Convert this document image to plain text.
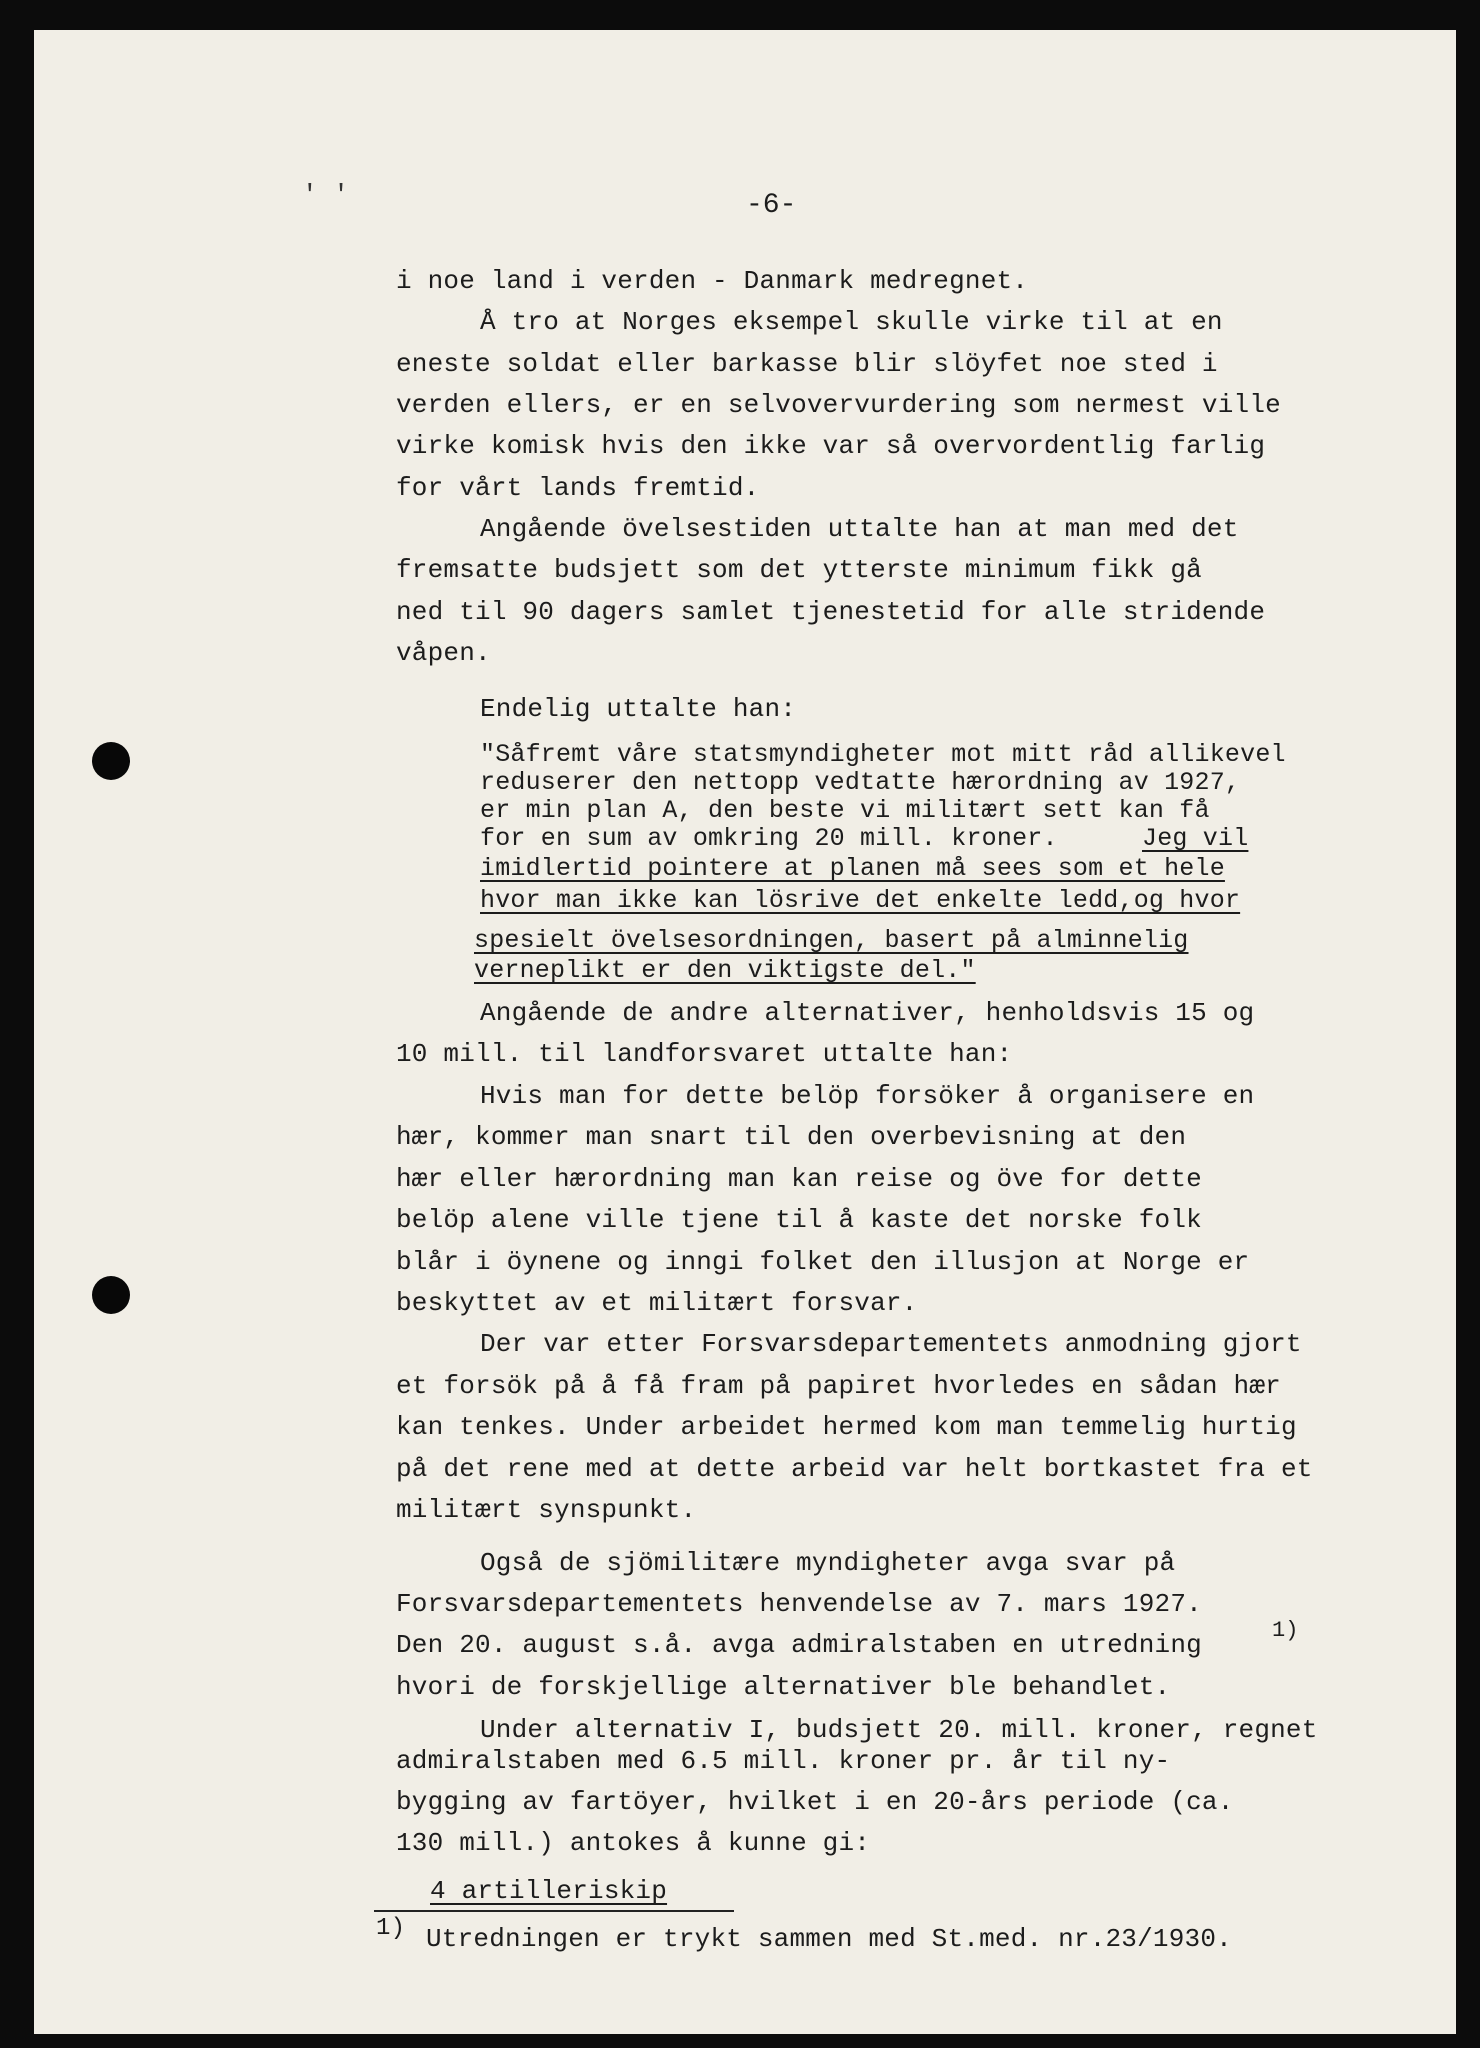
' '	-6-
i noe land i verden - Danmark medregnet.
Å tro at Norges eksempel skulle virke til at en
eneste soldat eller barkasse blir slöyfet noe sted i
verden ellers, er en selvovervurdering som nermest ville
virke komisk hvis den ikke var så overvordentlig farlig
for vårt lands fremtid.
Angående övelsestiden uttalte han at man med det
fremsatte budsjett som det ytterste minimum fikk gå
ned til 90 dagers samlet tjenestetid for alle stridende
våpen.
Endelig uttalte han:
"Såfremt våre statsmyndigheter mot mitt råd allikevel
reduserer den nettopp vedtatte hærordning av 1927,
er min plan A, den beste vi militært sett kan få
for en sum av omkring 20 mill. kroner.	Jeg vil
imidlertid pointere at planen må sees som et hele
hvor man ikke kan lösrive det enkelte ledd,og hvor
spesielt övelsesordningen, basert på alminnelig
verneplikt er den viktigste del."
Angående de andre alternativer, henholdsvis 15 og
10 mill. til landforsvaret uttalte han:
Hvis man for dette belöp forsöker å organisere en
hær, kommer man snart til den overbevisning at den
hær eller hærordning man kan reise og öve for dette
belöp alene ville tjene til å kaste det norske folk
blår i öynene og inngi folket den illusjon at Norge er
beskyttet av et militært forsvar.
Der var etter Forsvarsdepartementets anmodning gjort
et forsök på å få fram på papiret hvorledes en sådan hær
kan tenkes. Under arbeidet hermed kom man temmelig hurtig
på det rene med at dette arbeid var helt bortkastet fra et
militært synspunkt.
Også de sjömilitære myndigheter avga svar på
Forsvarsdepartementets henvendelse av 7. mars 1927.
Den 20. august s.å. avga admiralstaben en utredning	1)
hvori de forskjellige alternativer ble behandlet.
Under alternativ I, budsjett 20. mill. kroner, regnet
admiralstaben med 6.5 mill. kroner pr. år til ny-
bygging av fartöyer, hvilket i en 20-års periode (ca.
130 mill.) antokes å kunne gi:
4 artilleriskip
1) Utredningen er trykt sammen med St.med. nr.23/1930.
